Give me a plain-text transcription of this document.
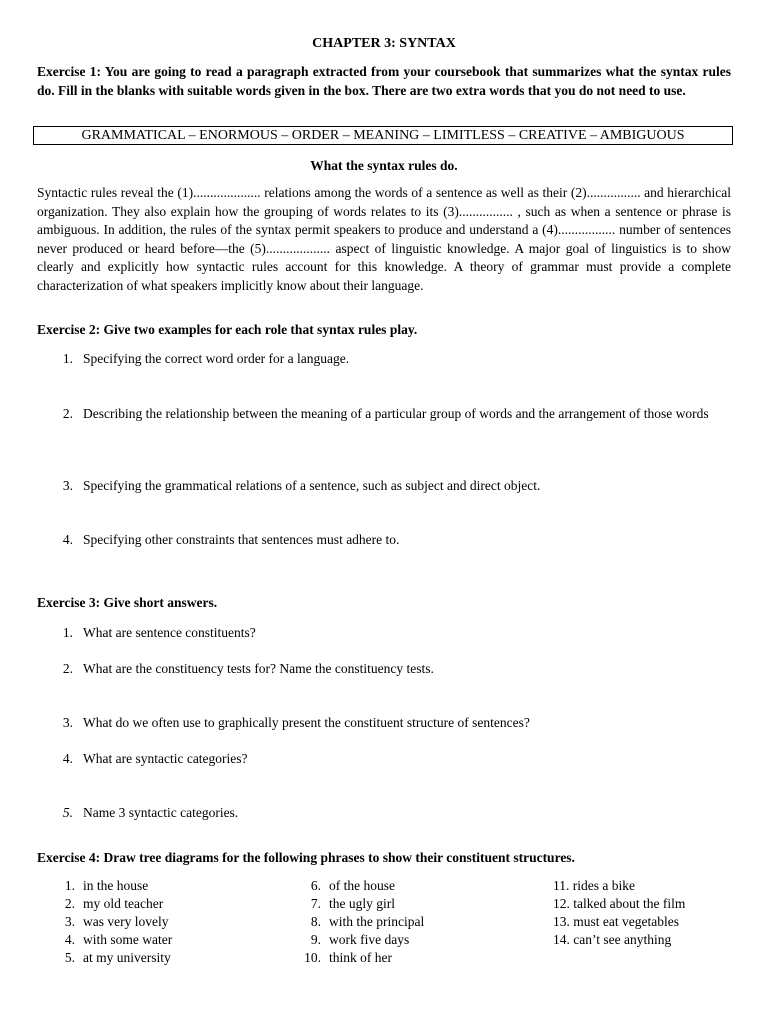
CHAPTER 3: SYNTAX
Exercise 1: You are going to read a paragraph extracted from your coursebook that summarizes what the syntax rules do. Fill in the blanks with suitable words given in the box. There are two extra words that you do not need to use.
GRAMMATICAL – ENORMOUS – ORDER – MEANING – LIMITLESS – CREATIVE – AMBIGUOUS
What the syntax rules do.
Syntactic rules reveal the (1).................... relations among the words of a sentence as well as their (2)................ and hierarchical organization. They also explain how the grouping of words relates to its (3)................ , such as when a sentence or phrase is ambiguous. In addition, the rules of the syntax permit speakers to produce and understand a (4)................. number of sentences never produced or heard before—the (5)................... aspect of linguistic knowledge. A major goal of linguistics is to show clearly and explicitly how syntactic rules account for this knowledge. A theory of grammar must provide a complete characterization of what speakers implicitly know about their language.
Exercise 2: Give two examples for each role that syntax rules play.
1. Specifying the correct word order for a language.
2. Describing the relationship between the meaning of a particular group of words and the arrangement of those words
3. Specifying the grammatical relations of a sentence, such as subject and direct object.
4. Specifying other constraints that sentences must adhere to.
Exercise 3: Give short answers.
1. What are sentence constituents?
2. What are the constituency tests for? Name the constituency tests.
3. What do we often use to graphically present the constituent structure of sentences?
4. What are syntactic categories?
5. Name 3 syntactic categories.
Exercise 4: Draw tree diagrams for the following phrases to show their constituent structures.
1. in the house
2. my old teacher
3. was very lovely
4. with some water
5. at my university
6. of the house
7. the ugly girl
8. with the principal
9. work five days
10. think of her
11. rides a bike
12. talked about the film
13. must eat vegetables
14. can’t see anything
